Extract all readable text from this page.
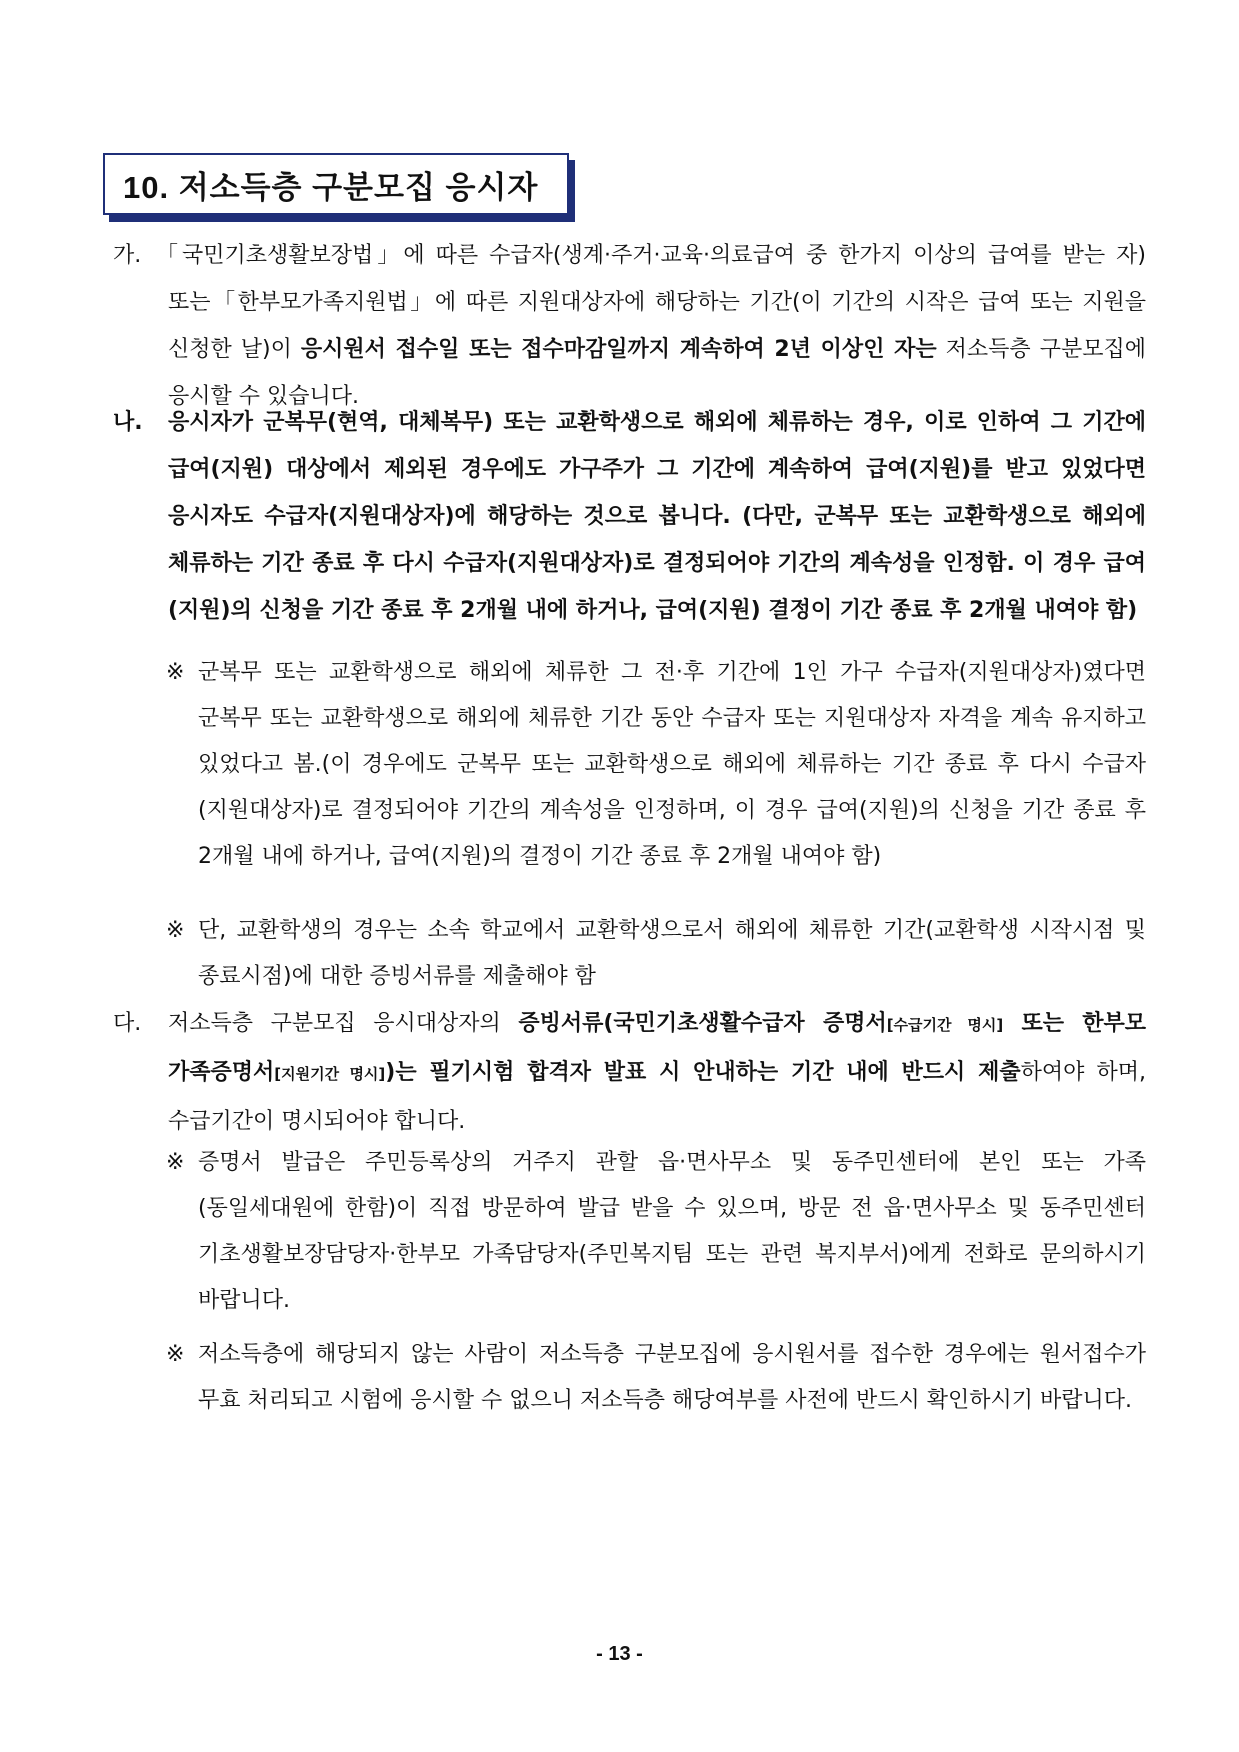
10. 저소득층 구분모집 응시자
가. 「국민기초생활보장법」에 따른 수급자(생계·주거·교육·의료급여 중 한가지 이상의 급여를 받는 자) 또는「한부모가족지원법」에 따른 지원대상자에 해당하는 기간(이 기간의 시작은 급여 또는 지원을 신청한 날)이 응시원서 접수일 또는 접수마감일까지 계속하여 2년 이상인 자는 저소득층 구분모집에 응시할 수 있습니다.
나. 응시자가 군복무(현역, 대체복무) 또는 교환학생으로 해외에 체류하는 경우, 이로 인하여 그 기간에 급여(지원) 대상에서 제외된 경우에도 가구주가 그 기간에 계속하여 급여(지원)를 받고 있었다면 응시자도 수급자(지원대상자)에 해당하는 것으로 봅니다. (다만, 군복무 또는 교환학생으로 해외에 체류하는 기간 종료 후 다시 수급자(지원대상자)로 결정되어야 기간의 계속성을 인정함. 이 경우 급여(지원)의 신청을 기간 종료 후 2개월 내에 하거나, 급여(지원) 결정이 기간 종료 후 2개월 내여야 함)
※ 군복무 또는 교환학생으로 해외에 체류한 그 전·후 기간에 1인 가구 수급자(지원대상자)였다면 군복무 또는 교환학생으로 해외에 체류한 기간 동안 수급자 또는 지원대상자 자격을 계속 유지하고 있었다고 봄.(이 경우에도 군복무 또는 교환학생으로 해외에 체류하는 기간 종료 후 다시 수급자(지원대상자)로 결정되어야 기간의 계속성을 인정하며, 이 경우 급여(지원)의 신청을 기간 종료 후 2개월 내에 하거나, 급여(지원)의 결정이 기간 종료 후 2개월 내여야 함)
※ 단, 교환학생의 경우는 소속 학교에서 교환학생으로서 해외에 체류한 기간(교환학생 시작시점 및 종료시점)에 대한 증빙서류를 제출해야 함
다. 저소득층 구분모집 응시대상자의 증빙서류(국민기초생활수급자 증명서[수급기간 명시] 또는 한부모 가족증명서[지원기간 명시])는 필기시험 합격자 발표 시 안내하는 기간 내에 반드시 제출하여야 하며, 수급기간이 명시되어야 합니다.
※ 증명서 발급은 주민등록상의 거주지 관할 읍·면사무소 및 동주민센터에 본인 또는 가족(동일세대원에 한함)이 직접 방문하여 발급 받을 수 있으며, 방문 전 읍·면사무소 및 동주민센터 기초생활보장담당자·한부모 가족담당자(주민복지팀 또는 관련 복지부서)에게 전화로 문의하시기 바랍니다.
※ 저소득층에 해당되지 않는 사람이 저소득층 구분모집에 응시원서를 접수한 경우에는 원서접수가 무효 처리되고 시험에 응시할 수 없으니 저소득층 해당여부를 사전에 반드시 확인하시기 바랍니다.
- 13 -
